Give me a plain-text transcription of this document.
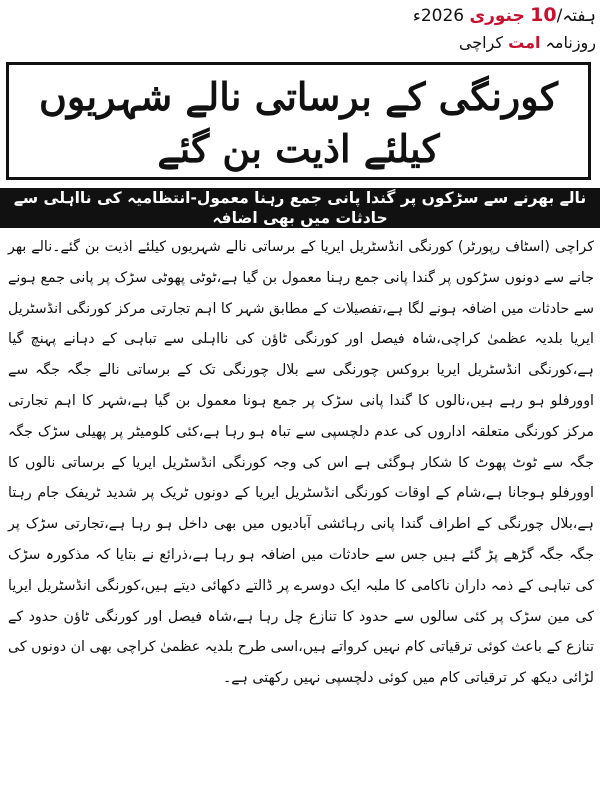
ہفتہ/10 جنوری 2026ء
روزنامہ امت کراچی
کورنگی کے برساتی نالے شہریوں کیلئے اذیت بن گئے
نالے بھرنے سے سڑکوں پر گندا پانی جمع رہنا معمول-انتظامیہ کی نااہلی سے حادثات میں بھی اضافہ

کراچی (اسٹاف رپورٹر) کورنگی انڈسٹریل ایریا کے برساتی نالے شہریوں کیلئے اذیت بن گئے۔نالے بھر جانے سے دونوں سڑکوں پر گندا پانی جمع رہنا معمول بن گیا ہے،ٹوٹی پھوٹی سڑک پر پانی جمع ہونے سے حادثات میں اضافہ ہونے لگا ہے،تفصیلات کے مطابق شہر کا اہم تجارتی مرکز کورنگی انڈسٹریل ایریا بلدیہ عظمیٰ کراچی،شاہ فیصل اور کورنگی ٹاؤن کی نااہلی سے تباہی کے دہانے پہنچ گیا ہے،کورنگی انڈسٹریل ایریا بروکس چورنگی سے بلال چورنگی تک کے برساتی نالے جگہ جگہ سے اوورفلو ہو رہے ہیں،نالوں کا گندا پانی سڑک پر جمع ہونا معمول بن گیا ہے،شہر کا اہم تجارتی مرکز کورنگی متعلقہ اداروں کی عدم دلچسپی سے تباہ ہو رہا ہے،کئی کلومیٹر پر پھیلی سڑک جگہ جگہ سے ٹوٹ پھوٹ کا شکار ہوگئی ہے اس کی وجہ کورنگی انڈسٹریل ایریا کے برساتی نالوں کا اوورفلو ہوجانا ہے،شام کے اوقات کورنگی انڈسٹریل ایریا کے دونوں ٹریک پر شدید ٹریفک جام رہتا ہے،بلال چورنگی کے اطراف گندا پانی رہائشی آبادیوں میں بھی داخل ہو رہا ہے،تجارتی سڑک پر جگہ جگہ گڑھے پڑ گئے ہیں جس سے حادثات میں اضافہ ہو رہا ہے،ذرائع نے بتایا کہ مذکورہ سڑک کی تباہی کے ذمہ داران ناکامی کا ملبہ ایک دوسرے پر ڈالتے دکھائی دیتے ہیں،کورنگی انڈسٹریل ایریا کی مین سڑک پر کئی سالوں سے حدود کا تنازع چل رہا ہے،شاہ فیصل اور کورنگی ٹاؤن حدود کے تنازع کے باعث کوئی ترقیاتی کام نہیں کرواتے ہیں،اسی طرح بلدیہ عظمیٰ کراچی بھی ان دونوں کی لڑائی دیکھ کر ترقیاتی کام میں کوئی دلچسپی نہیں رکھتی ہے۔
